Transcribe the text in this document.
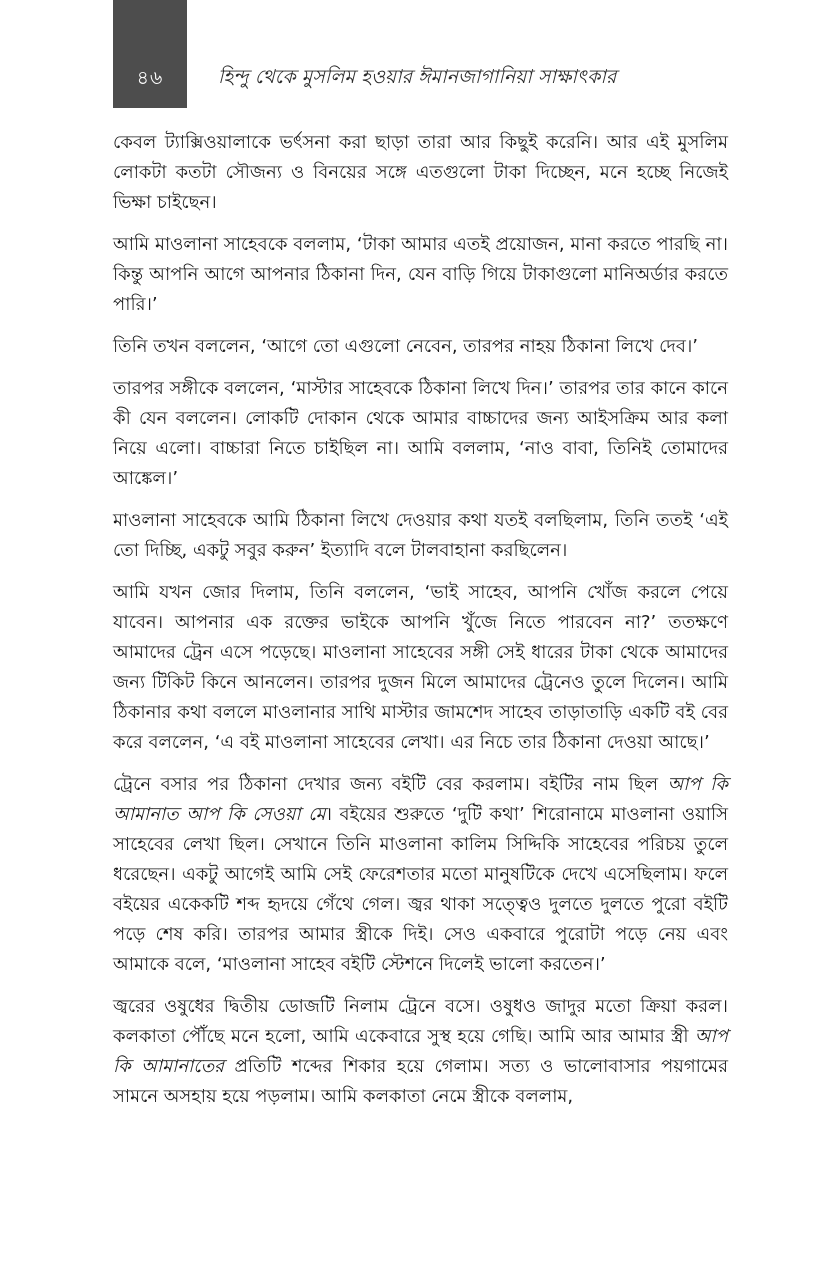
৪৬	হিন্দু থেকে মুসলিম হওয়ার ঈমানজাগানিয়া সাক্ষাৎকার

কেবল ট্যাক্সিওয়ালাকে ভর্ৎসনা করা ছাড়া তারা আর কিছুই করেনি। আর এই মুসলিম লোকটা কতটা সৌজন্য ও বিনয়ের সঙ্গে এতগুলো টাকা দিচ্ছেন, মনে হচ্ছে নিজেই ভিক্ষা চাইছেন।

আমি মাওলানা সাহেবকে বললাম, ‘টাকা আমার এতই প্রয়োজন, মানা করতে পারছি না। কিন্তু আপনি আগে আপনার ঠিকানা দিন, যেন বাড়ি গিয়ে টাকাগুলো মানিঅর্ডার করতে পারি।’

তিনি তখন বললেন, ‘আগে তো এগুলো নেবেন, তারপর নাহয় ঠিকানা লিখে দেব।’

তারপর সঙ্গীকে বললেন, ‘মাস্টার সাহেবকে ঠিকানা লিখে দিন।’ তারপর তার কানে কানে কী যেন বললেন। লোকটি দোকান থেকে আমার বাচ্চাদের জন্য আইসক্রিম আর কলা নিয়ে এলো। বাচ্চারা নিতে চাইছিল না। আমি বললাম, ‘নাও বাবা, তিনিই তোমাদের আঙ্কেল।’

মাওলানা সাহেবকে আমি ঠিকানা লিখে দেওয়ার কথা যতই বলছিলাম, তিনি ততই ‘এই তো দিচ্ছি, একটু সবুর করুন’ ইত্যাদি বলে টালবাহানা করছিলেন।

আমি যখন জোর দিলাম, তিনি বললেন, ‘ভাই সাহেব, আপনি খোঁজ করলে পেয়ে যাবেন। আপনার এক রক্তের ভাইকে আপনি খুঁজে নিতে পারবেন না?’ ততক্ষণে আমাদের ট্রেন এসে পড়েছে। মাওলানা সাহেবের সঙ্গী সেই ধারের টাকা থেকে আমাদের জন্য টিকিট কিনে আনলেন। তারপর দুজন মিলে আমাদের ট্রেনেও তুলে দিলেন। আমি ঠিকানার কথা বললে মাওলানার সাথি মাস্টার জামশেদ সাহেব তাড়াতাড়ি একটি বই বের করে বললেন, ‘এ বই মাওলানা সাহেবের লেখা। এর নিচে তার ঠিকানা দেওয়া আছে।’

ট্রেনে বসার পর ঠিকানা দেখার জন্য বইটি বের করলাম। বইটির নাম ছিল আপ কি আমানাত আপ কি সেওয়া মে। বইয়ের শুরুতে ‘দুটি কথা’ শিরোনামে মাওলানা ওয়াসি সাহেবের লেখা ছিল। সেখানে তিনি মাওলানা কালিম সিদ্দিকি সাহেবের পরিচয় তুলে ধরেছেন। একটু আগেই আমি সেই ফেরেশতার মতো মানুষটিকে দেখে এসেছিলাম। ফলে বইয়ের একেকটি শব্দ হৃদয়ে গেঁথে গেল। জ্বর থাকা সত্ত্বেও দুলতে দুলতে পুরো বইটি পড়ে শেষ করি। তারপর আমার স্ত্রীকে দিই। সেও একবারে পুরোটা পড়ে নেয় এবং আমাকে বলে, ‘মাওলানা সাহেব বইটি স্টেশনে দিলেই ভালো করতেন।’

জ্বরের ওষুধের দ্বিতীয় ডোজটি নিলাম ট্রেনে বসে। ওষুধও জাদুর মতো ক্রিয়া করল। কলকাতা পৌঁছে মনে হলো, আমি একেবারে সুস্থ হয়ে গেছি। আমি আর আমার স্ত্রী আপ কি আমানাতের প্রতিটি শব্দের শিকার হয়ে গেলাম। সত্য ও ভালোবাসার পয়গামের সামনে অসহায় হয়ে পড়লাম। আমি কলকাতা নেমে স্ত্রীকে বললাম,
